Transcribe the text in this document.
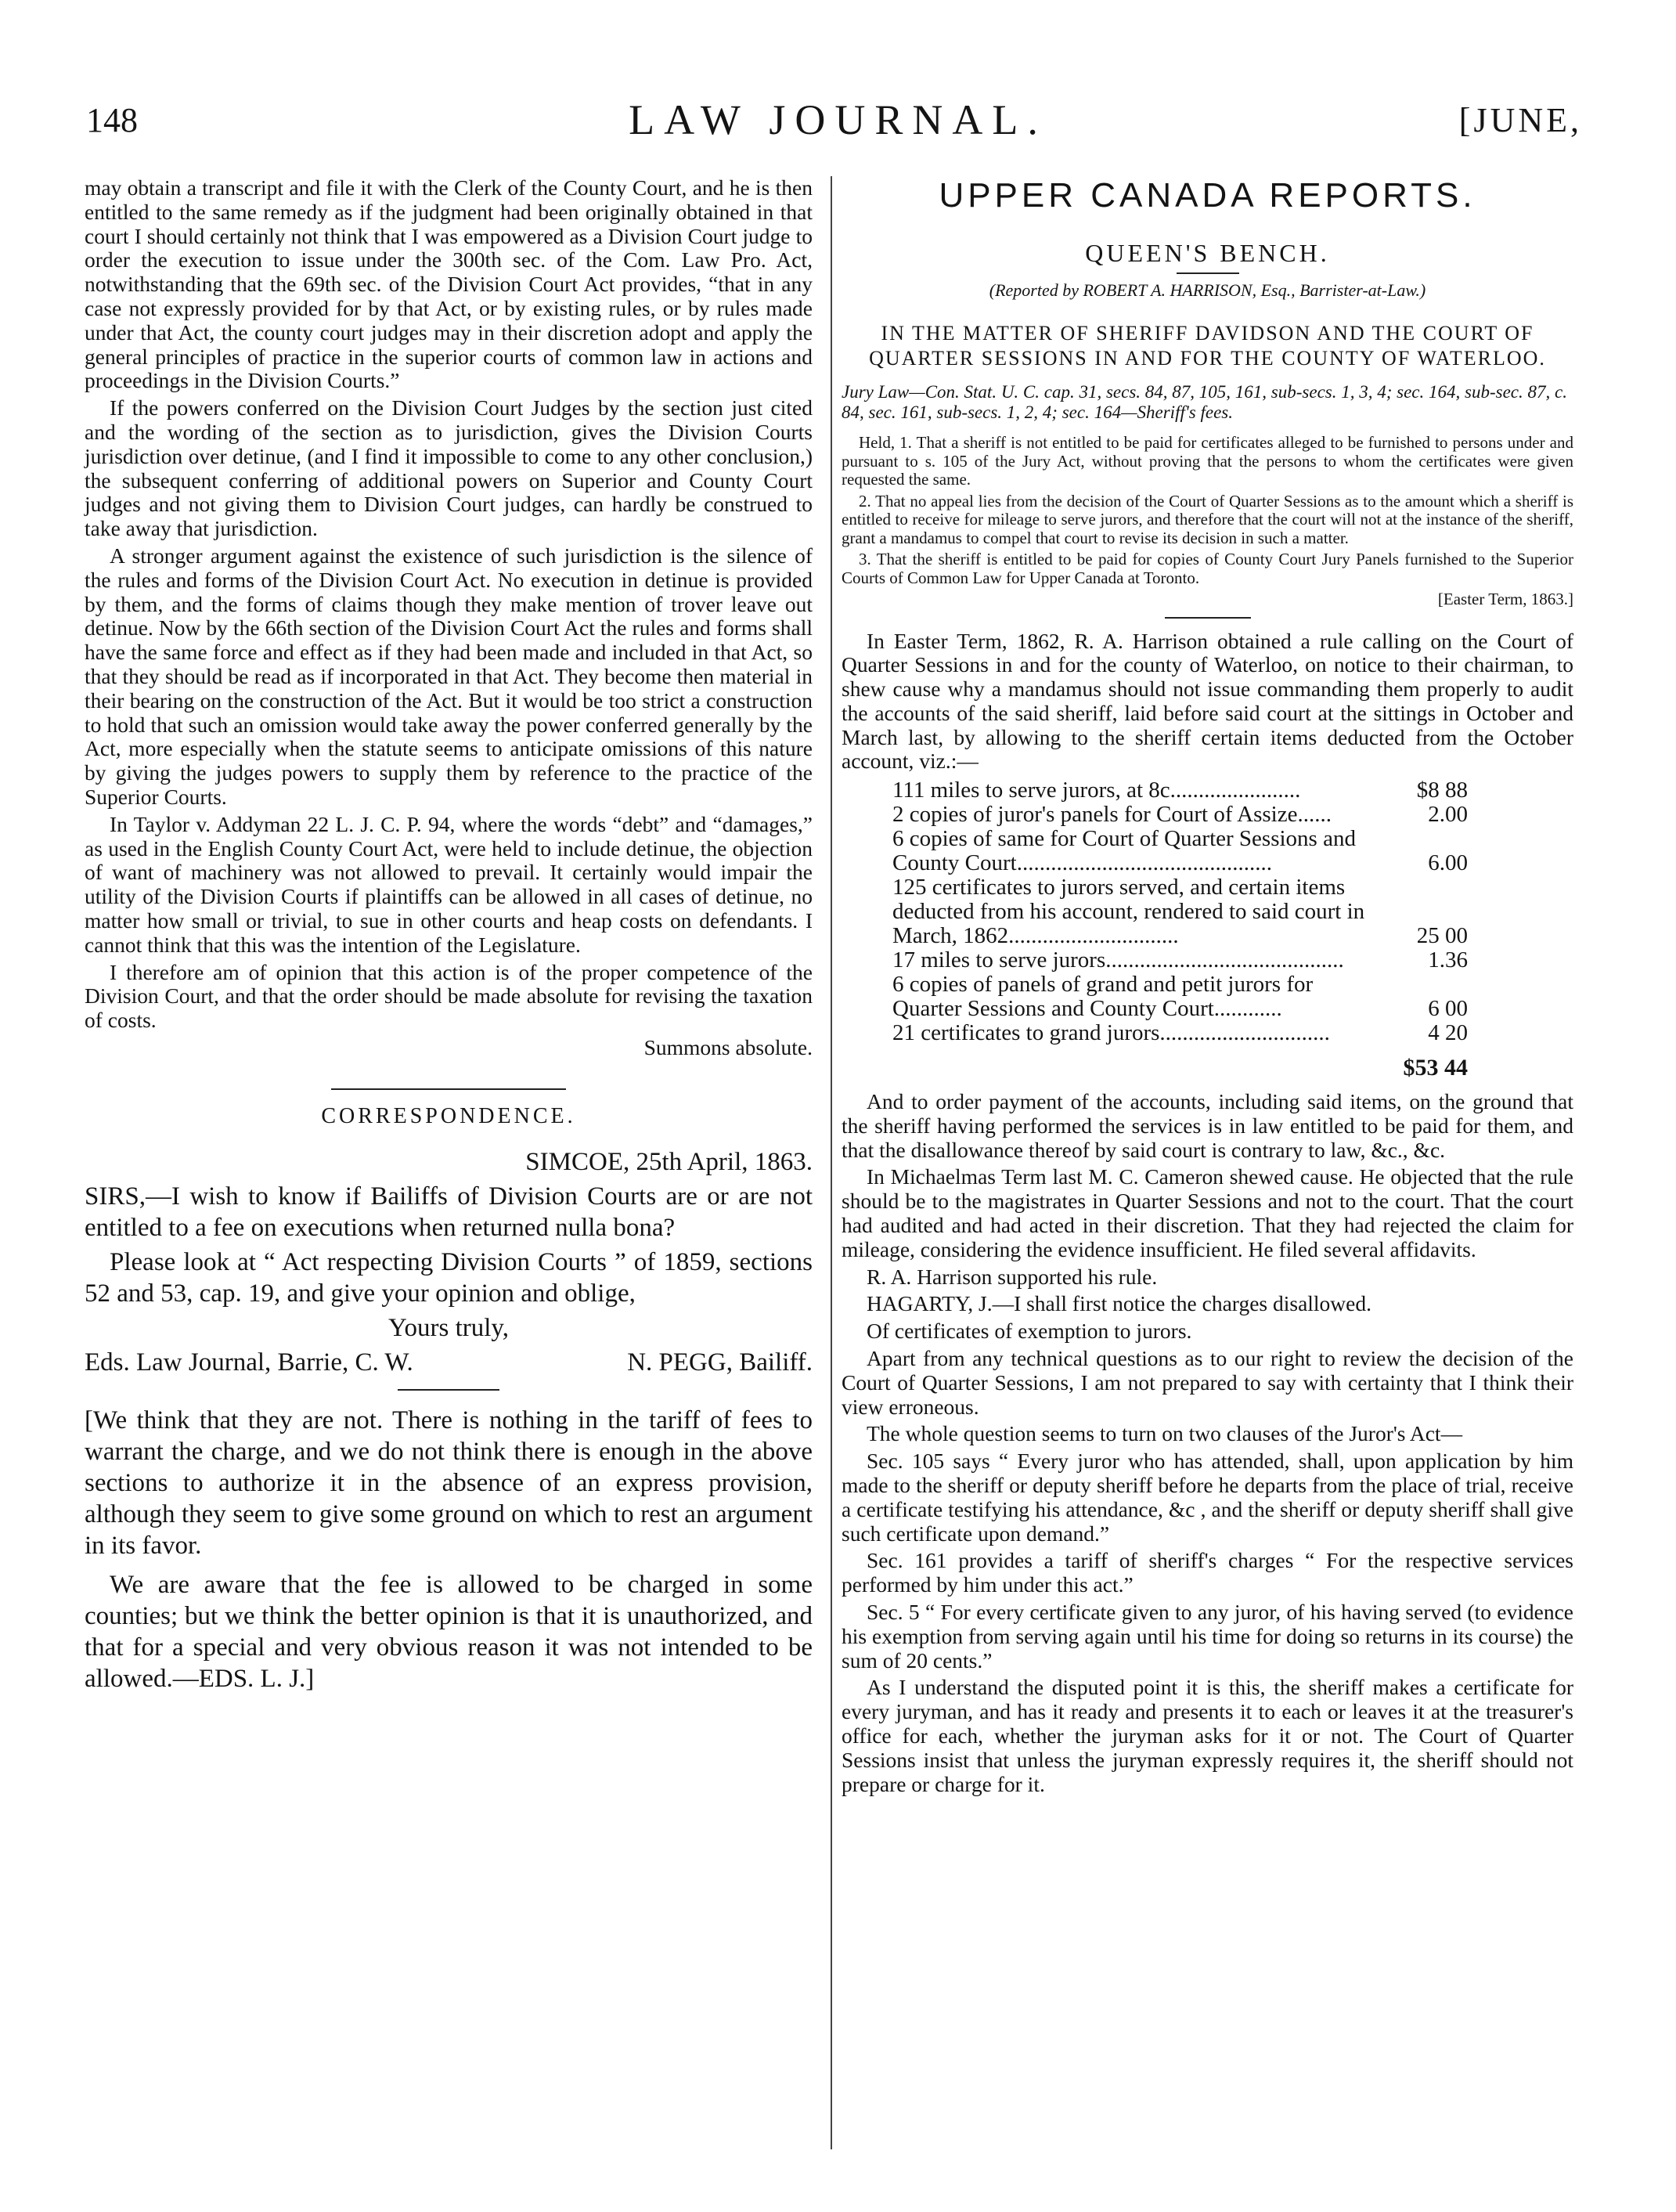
148	LAW JOURNAL.	[JUNE,

may obtain a transcript and file it with the Clerk of the County Court, and he is then entitled to the same remedy as if the judgment had been originally obtained in that court I should certainly not think that I was empowered as a Division Court judge to order the execution to issue under the 300th sec. of the Com. Law Pro. Act, notwithstanding that the 69th sec. of the Division Court Act provides, “that in any case not expressly provided for by that Act, or by existing rules, or by rules made under that Act, the county court judges may in their discretion adopt and apply the general principles of practice in the superior courts of common law in actions and proceedings in the Division Courts.”

If the powers conferred on the Division Court Judges by the section just cited and the wording of the section as to jurisdiction, gives the Division Courts jurisdiction over detinue, (and I find it impossible to come to any other conclusion,) the subsequent conferring of additional powers on Superior and County Court judges and not giving them to Division Court judges, can hardly be construed to take away that jurisdiction.

A stronger argument against the existence of such jurisdiction is the silence of the rules and forms of the Division Court Act. No execution in detinue is provided by them, and the forms of claims though they make mention of trover leave out detinue. Now by the 66th section of the Division Court Act the rules and forms shall have the same force and effect as if they had been made and included in that Act, so that they should be read as if incorporated in that Act. They become then material in their bearing on the construction of the Act. But it would be too strict a construction to hold that such an omission would take away the power conferred generally by the Act, more especially when the statute seems to anticipate omissions of this nature by giving the judges powers to supply them by reference to the practice of the Superior Courts.

In Taylor v. Addyman 22 L. J. C. P. 94, where the words “debt” and “damages,” as used in the English County Court Act, were held to include detinue, the objection of want of machinery was not allowed to prevail. It certainly would impair the utility of the Division Courts if plaintiffs can be allowed in all cases of detinue, no matter how small or trivial, to sue in other courts and heap costs on defendants. I cannot think that this was the intention of the Legislature.

I therefore am of opinion that this action is of the proper competence of the Division Court, and that the order should be made absolute for revising the taxation of costs.

Summons absolute.

CORRESPONDENCE.

SIMCOE, 25th April, 1863.

SIRS,—I wish to know if Bailiffs of Division Courts are or are not entitled to a fee on executions when returned nulla bona?

Please look at “ Act respecting Division Courts ” of 1859, sections 52 and 53, cap. 19, and give your opinion and oblige,

Yours truly,

Eds. Law Journal, Barrie, C. W.	N. PEGG, Bailiff.

[We think that they are not. There is nothing in the tariff of fees to warrant the charge, and we do not think there is enough in the above sections to authorize it in the absence of an express provision, although they seem to give some ground on which to rest an argument in its favor.

We are aware that the fee is allowed to be charged in some counties; but we think the better opinion is that it is unauthorized, and that for a special and very obvious reason it was not intended to be allowed.—EDS. L. J.]

UPPER CANADA REPORTS.
QUEEN'S BENCH.
(Reported by ROBERT A. HARRISON, Esq., Barrister-at-Law.)
IN THE MATTER OF SHERIFF DAVIDSON AND THE COURT OF QUARTER SESSIONS IN AND FOR THE COUNTY OF WATERLOO.
Jury Law—Con. Stat. U. C. cap. 31, secs. 84, 87, 105, 161, sub-secs. 1, 3, 4; sec. 164, sub-sec. 87, c. 84, sec. 161, sub-secs. 1, 2, 4; sec. 164—Sheriff's fees.

Held, 1. That a sheriff is not entitled to be paid for certificates alleged to be furnished to persons under and pursuant to s. 105 of the Jury Act, without proving that the persons to whom the certificates were given requested the same.

2. That no appeal lies from the decision of the Court of Quarter Sessions as to the amount which a sheriff is entitled to receive for mileage to serve jurors, and therefore that the court will not at the instance of the sheriff, grant a mandamus to compel that court to revise its decision in such a matter.

3. That the sheriff is entitled to be paid for copies of County Court Jury Panels furnished to the Superior Courts of Common Law for Upper Canada at Toronto.

[Easter Term, 1863.]

In Easter Term, 1862, R. A. Harrison obtained a rule calling on the Court of Quarter Sessions in and for the county of Waterloo, on notice to their chairman, to shew cause why a mandamus should not issue commanding them properly to audit the accounts of the said sheriff, laid before said court at the sittings in October and March last, by allowing to the sheriff certain items deducted from the October account, viz.:—

111 miles to serve jurors, at 8c.......................	$8 88
2 copies of juror's panels for Court of Assize......	2.00
6 copies of same for Court of Quarter Sessions and County Court.............................................	6.00
125 certificates to jurors served, and certain items deducted from his account, rendered to said court in March, 1862..............................	25 00
17 miles to serve jurors..........................................	1.36
6 copies of panels of grand and petit jurors for Quarter Sessions and County Court............	6 00
21 certificates to grand jurors..............................	4 20
$53 44

And to order payment of the accounts, including said items, on the ground that the sheriff having performed the services is in law entitled to be paid for them, and that the disallowance thereof by said court is contrary to law, &c., &c.

In Michaelmas Term last M. C. Cameron shewed cause. He objected that the rule should be to the magistrates in Quarter Sessions and not to the court. That the court had audited and had acted in their discretion. That they had rejected the claim for mileage, considering the evidence insufficient. He filed several affidavits.

R. A. Harrison supported his rule.

HAGARTY, J.—I shall first notice the charges disallowed.

Of certificates of exemption to jurors.

Apart from any technical questions as to our right to review the decision of the Court of Quarter Sessions, I am not prepared to say with certainty that I think their view erroneous.

The whole question seems to turn on two clauses of the Juror's Act—

Sec. 105 says “ Every juror who has attended, shall, upon application by him made to the sheriff or deputy sheriff before he departs from the place of trial, receive a certificate testifying his attendance, &c , and the sheriff or deputy sheriff shall give such certificate upon demand.”

Sec. 161 provides a tariff of sheriff's charges “ For the respective services performed by him under this act.”

Sec. 5 “ For every certificate given to any juror, of his having served (to evidence his exemption from serving again until his time for doing so returns in its course) the sum of 20 cents.”

As I understand the disputed point it is this, the sheriff makes a certificate for every juryman, and has it ready and presents it to each or leaves it at the treasurer's office for each, whether the juryman asks for it or not. The Court of Quarter Sessions insist that unless the juryman expressly requires it, the sheriff should not prepare or charge for it.
